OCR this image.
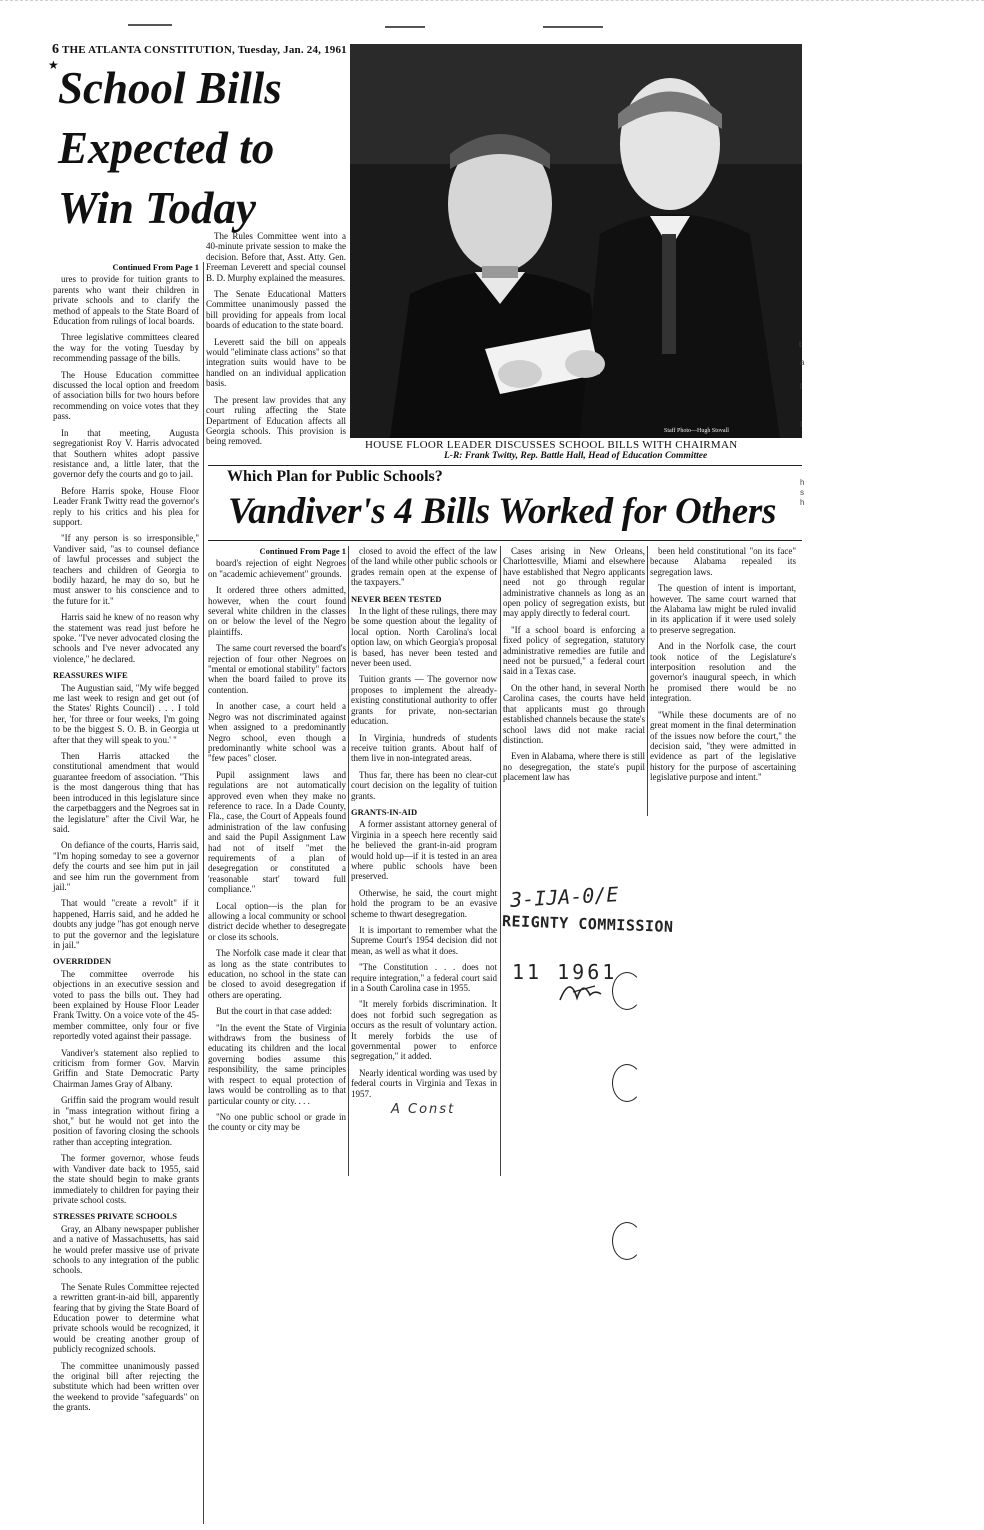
6 THE ATLANTA CONSTITUTION, Tuesday, Jan. 24, 1961
★ School Bills Expected to Win Today

Continued From Page 1

ures to provide for tuition grants to parents who want their children in private schools and to clarify the method of appeals to the State Board of Education from rulings of local boards.

Three legislative committees cleared the way for the voting Tuesday by recommending passage of the bills.

The House Education committee discussed the local option and freedom of association bills for two hours before recommending on voice votes that they pass.

In that meeting, Augusta segregationist Roy V. Harris advocated that Southern whites adopt passive resistance and, a little later, that the governor defy the courts and go to jail.

Before Harris spoke, House Floor Leader Frank Twitty read the governor's reply to his critics and his plea for support.

"If any person is so irresponsible," Vandiver said, "as to counsel defiance of lawful processes and subject the teachers and children of Georgia to bodily hazard, he may do so, but he must answer to his conscience and to the future for it."

Harris said he knew of no reason why the statement was read just before he spoke. "I've never advocated closing the schools and I've never advocated any violence," he declared.

REASSURES WIFE

The Augustian said, "My wife begged me last week to resign and get out (of the States' Rights Council) . . . I told her, 'for three or four weeks, I'm going to be the biggest S. O. B. in Georgia ut after that they will speak to you.' "

Then Harris attacked the constitutional amendment that would guarantee freedom of association. "This is the most dangerous thing that has been introduced in this legislature since the carpetbaggers and the Negroes sat in the legislature" after the Civil War, he said.

On defiance of the courts, Harris said, "I'm hoping someday to see a governor defy the courts and see him put in jail and see him run the government from jail."

That would "create a revolt" if it happened, Harris said, and he added he doubts any judge "has got enough nerve to put the governor and the legislature in jail."

OVERRIDDEN

The committee overrode his objections in an executive session and voted to pass the bills out. They had been explained by House Floor Leader Frank Twitty. On a voice vote of the 45-member committee, only four or five reportedly voted against their passage.

Vandiver's statement also replied to criticism from former Gov. Marvin Griffin and State Democratic Party Chairman James Gray of Albany.

Griffin said the program would result in "mass integration without firing a shot," but he would not get into the position of favoring closing the schools rather than accepting integration.

The former governor, whose feuds with Vandiver date back to 1955, said the state should begin to make grants immediately to children for paying their private school costs.

STRESSES PRIVATE SCHOOLS

Gray, an Albany newspaper publisher and a native of Massachusetts, has said he would prefer massive use of private schools to any integration of the public schools.

The Senate Rules Committee rejected a rewritten grant-in-aid bill, apparently fearing that by giving the State Board of Education power to determine what private schools would be recognized, it would be creating another group of publicly recognized schools.

The committee unanimously passed the original bill after rejecting the substitute which had been written over the weekend to provide "safeguards" on the grants.

The Rules Committee went into a 40-minute private session to make the decision. Before that, Asst. Atty. Gen. Freeman Leverett and special counsel B. D. Murphy explained the measures.

The Senate Educational Matters Committee unanimously passed the bill providing for appeals from local boards of education to the state board.

Leverett said the bill on appeals would "eliminate class actions" so that integration suits would have to be handled on an individual application basis.

The present law provides that any court ruling affecting the State Department of Education affects all Georgia schools. This provision is being removed.

Staff Photo—Hugh Stovall
HOUSE FLOOR LEADER DISCUSSES SCHOOL BILLS WITH CHAIRMAN
L-R: Frank Twitty, Rep. Battle Hall, Head of Education Committee
Which Plan for Public Schools?
Vandiver's 4 Bills Worked for Others

Continued From Page 1

board's rejection of eight Negroes on "academic achievement" grounds.

It ordered three others admitted, however, when the court found several white children in the classes on or below the level of the Negro plaintiffs.

The same court reversed the board's rejection of four other Negroes on "mental or emotional stability" factors when the board failed to prove its contention.

In another case, a court held a Negro was not discriminated against when assigned to a predominantly Negro school, even though a predominantly white school was a "few paces" closer.

Pupil assignment laws and regulations are not automatically approved even when they make no reference to race. In a Dade County, Fla., case, the Court of Appeals found administration of the law confusing and said the Pupil Assignment Law had not of itself "met the requirements of a plan of desegregation or constituted a 'reasonable start' toward full compliance."

Local option—is the plan for allowing a local community or school district decide whether to desegregate or close its schools.

The Norfolk case made it clear that as long as the state contributes to education, no school in the state can be closed to avoid desegregation if others are operating.

But the court in that case added:

"In the event the State of Virginia withdraws from the business of educating its children and the local governing bodies assume this responsibility, the same principles with respect to equal protection of laws would be controlling as to that particular county or city. . . .

"No one public school or grade in the county or city may be

closed to avoid the effect of the law of the land while other public schools or grades remain open at the expense of the taxpayers."

NEVER BEEN TESTED

In the light of these rulings, there may be some question about the legality of local option. North Carolina's local option law, on which Georgia's proposal is based, has never been tested and never been used.

Tuition grants — The governor now proposes to implement the already-existing constitutional authority to offer grants for private, non-sectarian education.

In Virginia, hundreds of students receive tuition grants. About half of them live in non-integrated areas.

Thus far, there has been no clear-cut court decision on the legality of tuition grants.

GRANTS-IN-AID

A former assistant attorney general of Virginia in a speech here recently said he believed the grant-in-aid program would hold up—if it is tested in an area where public schools have been preserved.

Otherwise, he said, the court might hold the program to be an evasive scheme to thwart desegregation.

It is important to remember what the Supreme Court's 1954 decision did not mean, as well as what it does.

"The Constitution . . . does not require integration," a federal court said in a South Carolina case in 1955.

"It merely forbids discrimination. It does not forbid such segregation as occurs as the result of voluntary action. It merely forbids the use of governmental power to enforce segregation," it added.

Nearly identical wording was used by federal courts in Virginia and Texas in 1957.

A Const

Cases arising in New Orleans, Charlottesville, Miami and elsewhere have established that Negro applicants need not go through regular administrative channels as long as an open policy of segregation exists, but may apply directly to federal court.

"If a school board is enforcing a fixed policy of segregation, statutory administrative remedies are futile and need not be pursued," a federal court said in a Texas case.

On the other hand, in several North Carolina cases, the courts have held that applicants must go through established channels because the state's school laws did not make racial distinction.

Even in Alabama, where there is still no desegregation, the state's pupil placement law has

been held constitutional "on its face" because Alabama repealed its segregation laws.

The question of intent is important, however. The same court warned that the Alabama law might be ruled invalid in its application if it were used solely to preserve segregation.

And in the Norfolk case, the court took notice of the Legislature's interposition resolution and the governor's inaugural speech, in which he promised there would be no integration.

"While these documents are of no great moment in the final determination of the issues now before the court," the decision said, "they were admitted in evidence as part of the legislative history for the purpose of ascertaining legislative purpose and intent."

3-IJA-0/E
REIGNTY COMMISSION
11 1961
t
a
l
I
h
s
h
